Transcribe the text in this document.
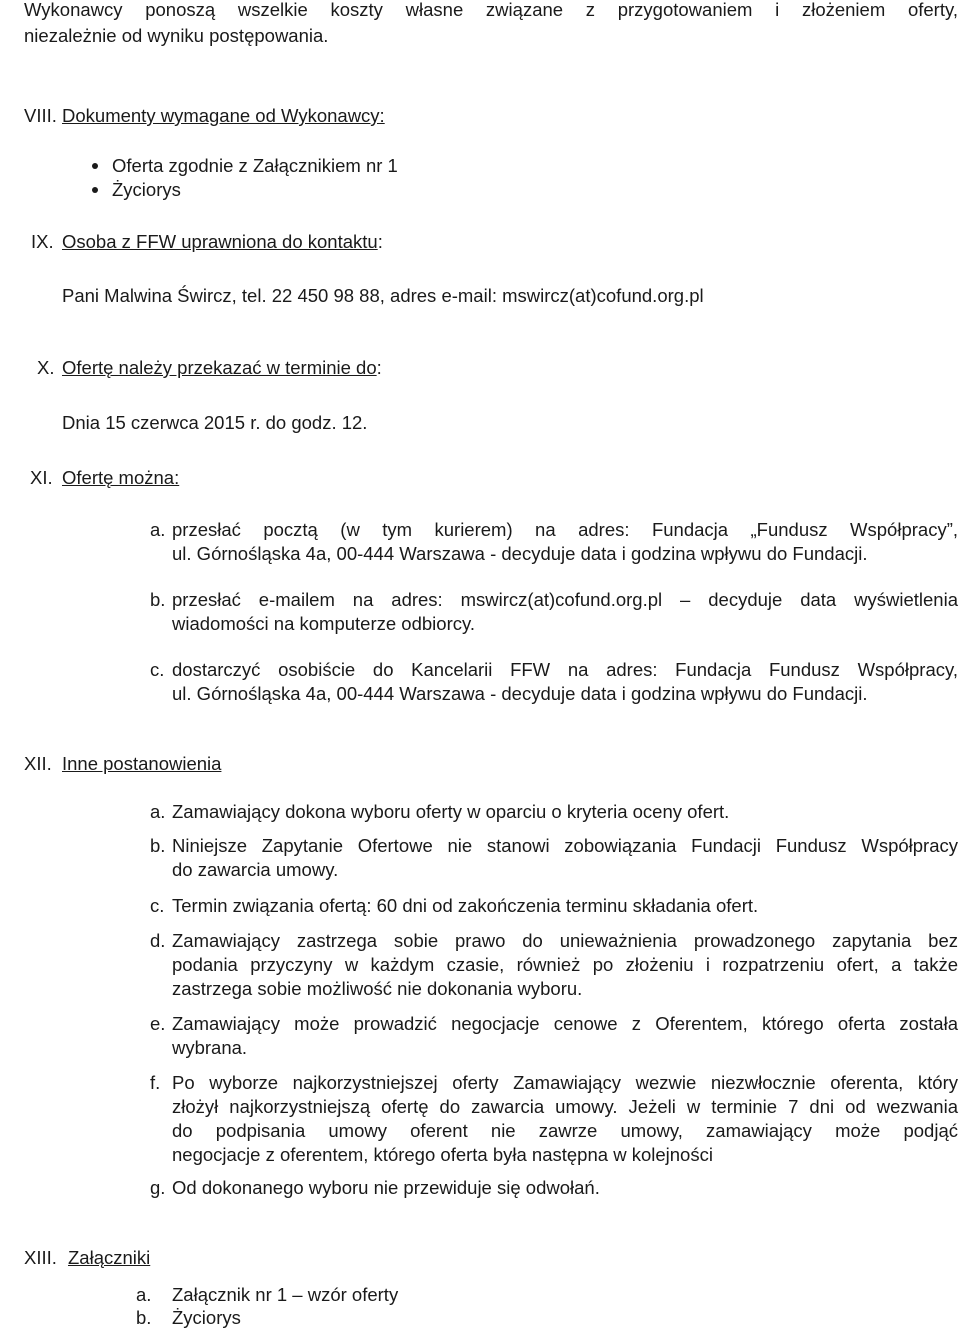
Wykonawcy ponoszą wszelkie koszty własne związane z przygotowaniem i złożeniem oferty,
niezależnie od wyniku postępowania.
VIII. Dokumenty wymagane od Wykonawcy:
Oferta zgodnie z Załącznikiem nr 1
Życiorys
IX. Osoba z FFW uprawniona do kontaktu:
Pani Malwina Śwircz, tel. 22 450 98 88, adres e-mail: mswircz(at)cofund.org.pl
X. Ofertę należy przekazać w terminie do:
Dnia 15 czerwca 2015 r. do godz. 12.
XI. Ofertę można:
a. przesłać pocztą (w tym kurierem) na adres: Fundacja „Fundusz Współpracy”,
ul. Górnośląska 4a, 00-444 Warszawa - decyduje data i godzina wpływu do Fundacji.
b. przesłać e-mailem na adres: mswircz(at)cofund.org.pl – decyduje data wyświetlenia
wiadomości na komputerze odbiorcy.
c. dostarczyć osobiście do Kancelarii FFW na adres: Fundacja Fundusz Współpracy,
ul. Górnośląska 4a, 00-444 Warszawa - decyduje data i godzina wpływu do Fundacji.
XII. Inne postanowienia
a. Zamawiający dokona wyboru oferty w oparciu o kryteria oceny ofert.
b. Niniejsze Zapytanie Ofertowe nie stanowi zobowiązania Fundacji Fundusz Współpracy
do zawarcia umowy.
c. Termin związania ofertą: 60 dni od zakończenia terminu składania ofert.
d. Zamawiający zastrzega sobie prawo do unieważnienia prowadzonego zapytania bez
podania przyczyny w każdym czasie, również po złożeniu i rozpatrzeniu ofert, a także
zastrzega sobie możliwość nie dokonania wyboru.
e. Zamawiający może prowadzić negocjacje cenowe z Oferentem, którego oferta została
wybrana.
f. Po wyborze najkorzystniejszej oferty Zamawiający wezwie niezwłocznie oferenta, który
złożył najkorzystniejszą ofertę do zawarcia umowy. Jeżeli w terminie 7 dni od wezwania
do podpisania umowy oferent nie zawrze umowy, zamawiający może podjąć
negocjacje z oferentem, którego oferta była następna w kolejności
g. Od dokonanego wyboru nie przewiduje się odwołań.
XIII. Załączniki
a. Załącznik nr 1 – wzór oferty
b. Życiorys
